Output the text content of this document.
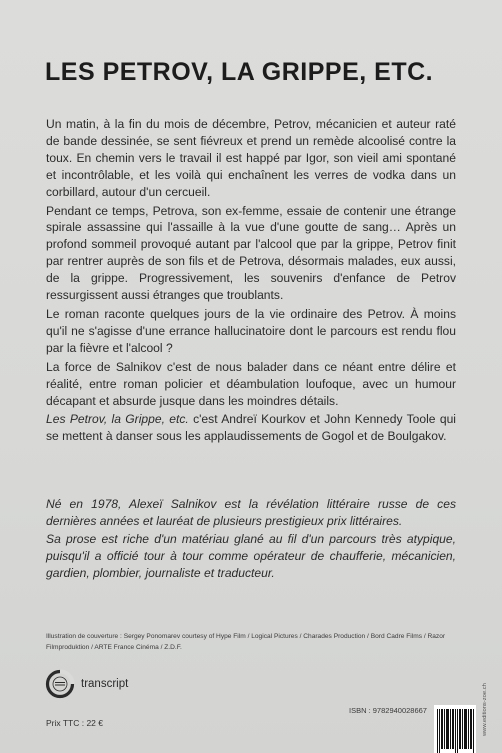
LES PETROV, LA GRIPPE, ETC.

Un matin, à la fin du mois de décembre, Petrov, mécanicien et auteur raté de bande dessinée, se sent fiévreux et prend un remède alcoolisé contre la toux. En chemin vers le travail il est happé par Igor, son vieil ami spontané et incontrôlable, et les voilà qui enchaînent les verres de vodka dans un corbillard, autour d'un cercueil.

Pendant ce temps, Petrova, son ex-femme, essaie de contenir une étrange spirale assassine qui l'assaille à la vue d'une goutte de sang… Après un profond sommeil provoqué autant par l'alcool que par la grippe, Petrov finit par rentrer auprès de son fils et de Petrova, désormais malades, eux aussi, de la grippe. Progressivement, les souvenirs d'enfance de Petrov ressurgissent aussi étranges que troublants.

Le roman raconte quelques jours de la vie ordinaire des Petrov. À moins qu'il ne s'agisse d'une errance hallucinatoire dont le parcours est rendu flou par la fièvre et l'alcool ?

La force de Salnikov c'est de nous balader dans ce néant entre délire et réalité, entre roman policier et déambulation loufoque, avec un humour décapant et absurde jusque dans les moindres détails.

Les Petrov, la Grippe, etc. c'est Andreï Kourkov et John Kennedy Toole qui se mettent à danser sous les applaudissements de Gogol et de Boulgakov.

Né en 1978, Alexeï Salnikov est la révélation littéraire russe de ces dernières années et lauréat de plusieurs prestigieux prix littéraires.

Sa prose est riche d'un matériau glané au fil d'un parcours très atypique, puisqu'il a officié tour à tour comme opérateur de chaufferie, mécanicien, gardien, plombier, journaliste et traducteur.

Illustration de couverture : Sergey Ponomarev courtesy of Hype Film / Logical Pictures / Charades Production / Bord Cadre Films / Razor Filmproduktion / ARTE France Cinéma / Z.D.F.
transcript
ISBN : 9782940028667	www.editions-zoe.ch
Prix TTC : 22 €
